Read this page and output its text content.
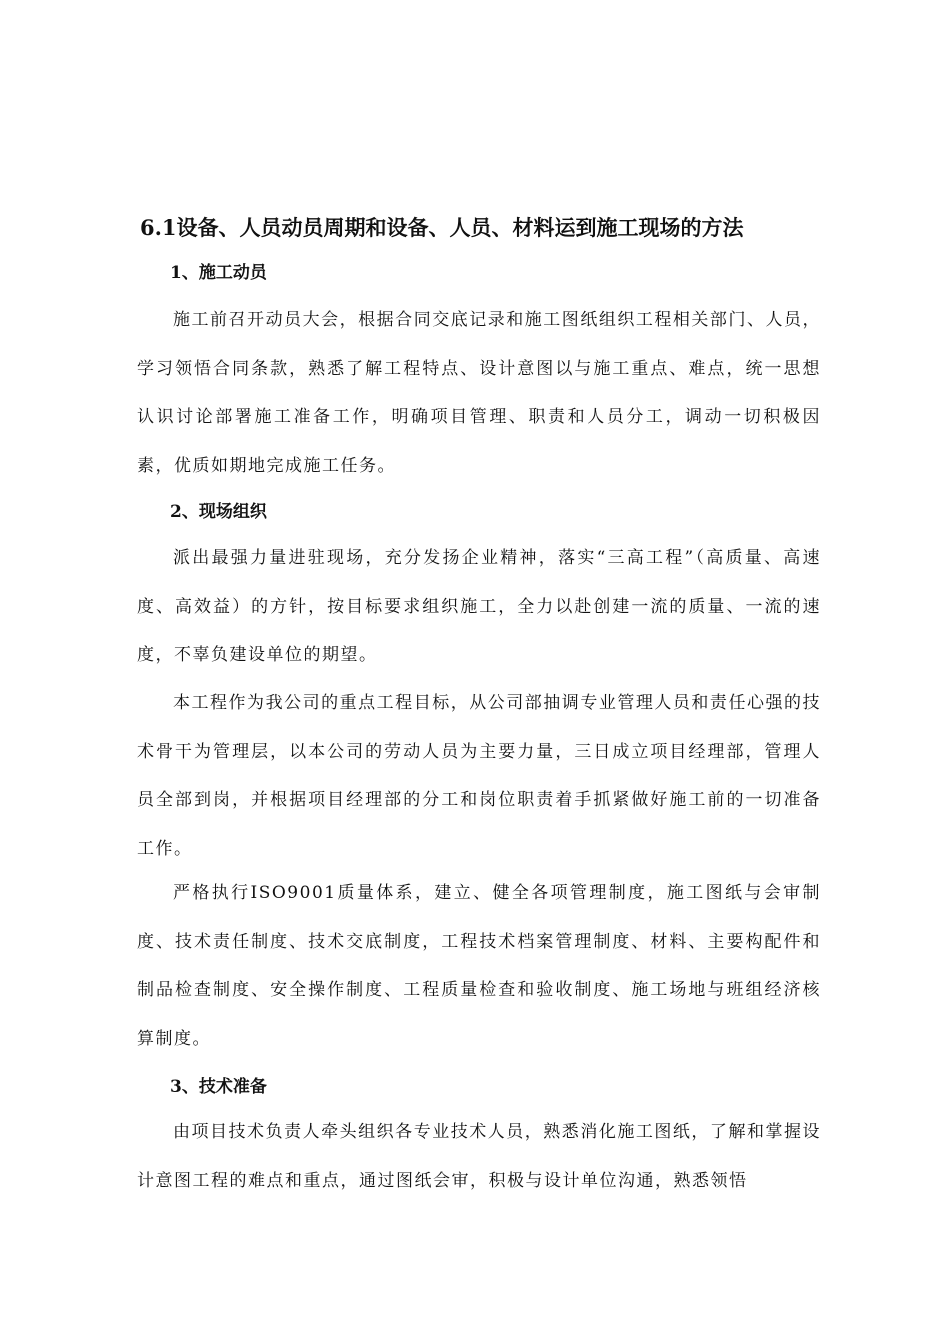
6.1设备、人员动员周期和设备、人员、材料运到施工现场的方法
1、施工动员
施工前召开动员大会，根据合同交底记录和施工图纸组织工程相关部门、人员，学习领悟合同条款，熟悉了解工程特点、设计意图以与施工重点、难点，统一思想认识讨论部署施工准备工作，明确项目管理、职责和人员分工，调动一切积极因素，优质如期地完成施工任务。
2、现场组织
派出最强力量进驻现场，充分发扬企业精神，落实“三高工程”（高质量、高速度、高效益）的方针，按目标要求组织施工，全力以赴创建一流的质量、一流的速度，不辜负建设单位的期望。
本工程作为我公司的重点工程目标，从公司部抽调专业管理人员和责任心强的技术骨干为管理层，以本公司的劳动人员为主要力量，三日成立项目经理部，管理人员全部到岗，并根据项目经理部的分工和岗位职责着手抓紧做好施工前的一切准备工作。
严格执行ISO9001质量体系，建立、健全各项管理制度，施工图纸与会审制度、技术责任制度、技术交底制度，工程技术档案管理制度、材料、主要构配件和制品检查制度、安全操作制度、工程质量检查和验收制度、施工场地与班组经济核算制度。
3、技术准备
由项目技术负责人牵头组织各专业技术人员，熟悉消化施工图纸，了解和掌握设计意图工程的难点和重点，通过图纸会审，积极与设计单位沟通，熟悉领悟
